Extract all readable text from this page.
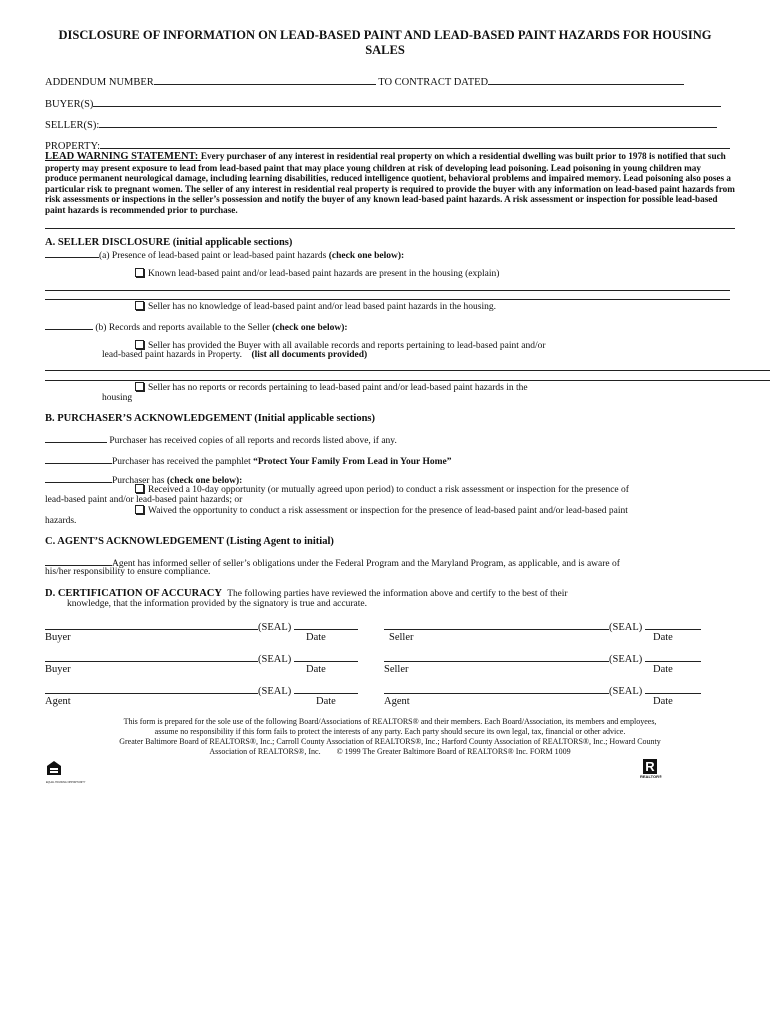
DISCLOSURE OF INFORMATION ON LEAD-BASED PAINT AND LEAD-BASED PAINT HAZARDS FOR HOUSING SALES
ADDENDUM NUMBER	TO CONTRACT DATED
BUYER(S)
SELLER(S):
PROPERTY:
LEAD WARNING STATEMENT: Every purchaser of any interest in residential real property on which a residential dwelling was built prior to 1978 is notified that such property may present exposure to lead from lead-based paint that may place young children at risk of developing lead poisoning. Lead poisoning in young children may produce permanent neurological damage, including learning disabilities, reduced intelligence quotient, behavioral problems and impaired memory. Lead poisoning also poses a particular risk to pregnant women. The seller of any interest in residential real property is required to provide the buyer with any information on lead-based paint hazards from risk assessments or inspections in the seller’s possession and notify the buyer of any known lead-based paint hazards. A risk assessment or inspection for possible lead-based paint hazards is recommended prior to purchase.
A. SELLER DISCLOSURE (initial applicable sections)
(a) Presence of lead-based paint or lead-based paint hazards (check one below):
Known lead-based paint and/or lead-based paint hazards are present in the housing (explain)
Seller has no knowledge of lead-based paint and/or lead based paint hazards in the housing.
(b) Records and reports available to the Seller (check one below):
Seller has provided the Buyer with all available records and reports pertaining to lead-based paint and/or
lead-based paint hazards in Property. (list all documents provided)
Seller has no reports or records pertaining to lead-based paint and/or lead-based paint hazards in the
housing
B. PURCHASER’S ACKNOWLEDGEMENT (Initial applicable sections)
Purchaser has received copies of all reports and records listed above, if any.
Purchaser has received the pamphlet “Protect Your Family From Lead in Your Home”
Purchaser has (check one below):
Received a 10-day opportunity (or mutually agreed upon period) to conduct a risk assessment or inspection for the presence of
lead-based paint and/or lead-based paint hazards; or
Waived the opportunity to conduct a risk assessment or inspection for the presence of lead-based paint and/or lead-based paint
hazards.
C. AGENT’S ACKNOWLEDGEMENT (Listing Agent to initial)
Agent has informed seller of seller’s obligations under the Federal Program and the Maryland Program, as applicable, and is aware of
his/her responsibility to ensure compliance.
D. CERTIFICATION OF ACCURACY The following parties have reviewed the information above and certify to the best of their
knowledge, that the information provided by the signatory is true and accurate.
(SEAL)	(SEAL)
Buyer	Date	Seller	Date
(SEAL)	(SEAL)
Buyer	Date	Seller	Date
(SEAL)	(SEAL)
Agent	Date	Agent	Date
This form is prepared for the sole use of the following Board/Associations of REALTORS® and their members. Each Board/Association, its members and employees,
assume no responsibility if this form fails to protect the interests of any party. Each party should secure its own legal, tax, financial or other advice.
Greater Baltimore Board of REALTORS®, Inc.; Carroll County Association of REALTORS®, Inc.; Harford County Association of REALTORS®, Inc.; Howard County
Association of REALTORS®, Inc.        © 1999 The Greater Baltimore Board of REALTORS® Inc. FORM 1009
EQUAL HOUSING OPPORTUNITY
R
REALTOR®
